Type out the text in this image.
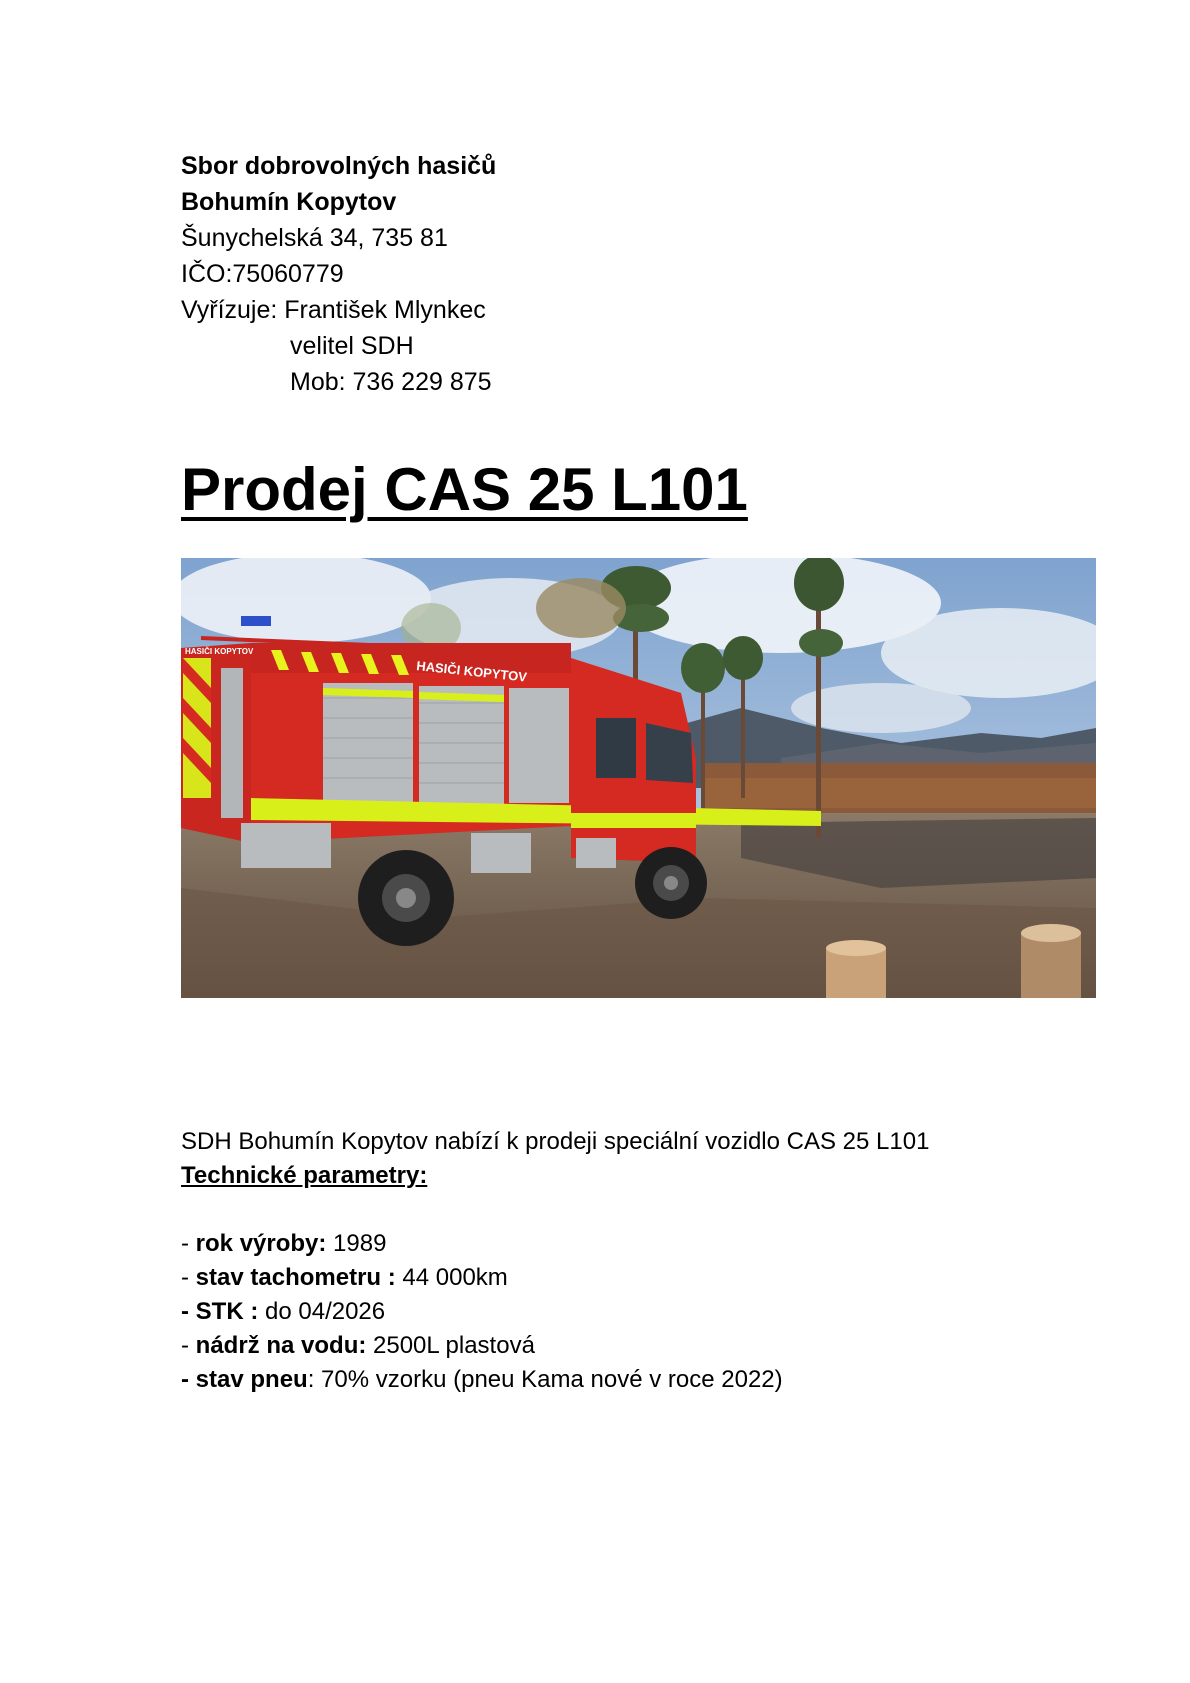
Sbor dobrovolných hasičů
Bohumín Kopytov
Šunychelská 34, 735 81
IČO:75060779
Vyřízuje: František Mlynkec
velitel SDH
Mob: 736 229 875
Prodej CAS 25 L101
HASIČI KOPYTOV
HASIČI KOPYTOV
SDH Bohumín Kopytov nabízí k prodeji speciální vozidlo CAS 25 L101
Technické parametry:
- rok výroby: 1989
- stav tachometru : 44 000km
- STK : do 04/2026
- nádrž na vodu: 2500L plastová
- stav pneu: 70% vzorku (pneu Kama nové v roce 2022)
